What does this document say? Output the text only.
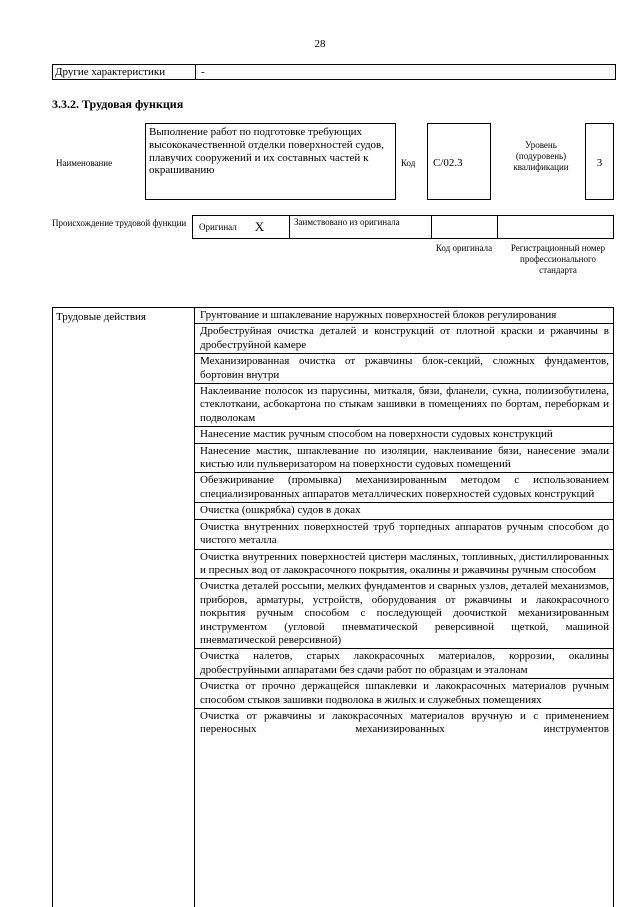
28
Другие характеристики	-
3.3.2. Трудовая функция
Наименование
Выполнение работ по подготовке требующих высококачественной отделки поверхностей судов, плавучих сооружений и их составных частей к окрашиванию
Код	С/02.3
Уровень (подуровень) квалификации	3
Происхождение трудовой функции Оригинал X	Заимствовано из оригинала
Код оригинала	Регистрационный номер профессионального стандарта
Трудовые действия	Грунтование и шпаклевание наружных поверхностей блоков регулирования
Дробеструйная очистка деталей и конструкций от плотной краски и ржавчины в дробеструйной камере
Механизированная очистка от ржавчины блок-секций, сложных фундаментов, бортовин внутри
Наклеивание полосок из парусины, миткаля, бязи, фланели, сукна, полиизобутилена, стеклоткани, асбокартона по стыкам зашивки в помещениях по бортам, переборкам и подволокам
Нанесение мастик ручным способом на поверхности судовых конструкций
Нанесение мастик, шпаклевание по изоляции, наклеивание бязи, нанесение эмали кистью или пульверизатором на поверхности судовых помещений
Обезжиривание (промывка) механизированным методом с использованием специализированных аппаратов металлических поверхностей судовых конструкций
Очистка (ошкрябка) судов в доках
Очистка внутренних поверхностей труб торпедных аппаратов ручным способом до чистого металла
Очистка внутренних поверхностей цистерн масляных, топливных, дистиллированных и пресных вод от лакокрасочного покрытия, окалины и ржавчины ручным способом
Очистка деталей россыпи, мелких фундаментов и сварных узлов, деталей механизмов, приборов, арматуры, устройств, оборудования от ржавчины и лакокрасочного покрытия ручным способом с последующей доочисткой механизированным инструментом (угловой пневматической реверсивной щеткой, машиной пневматической реверсивной)
Очистка налетов, старых лакокрасочных материалов, коррозии, окалины дробеструйными аппаратами без сдачи работ по образцам и эталонам
Очистка от прочно держащейся шпаклевки и лакокрасочных материалов ручным способом стыков зашивки подволока в жилых и служебных помещениях
Очистка от ржавчины и лакокрасочных материалов вручную и с применением переносных механизированных инструментов
